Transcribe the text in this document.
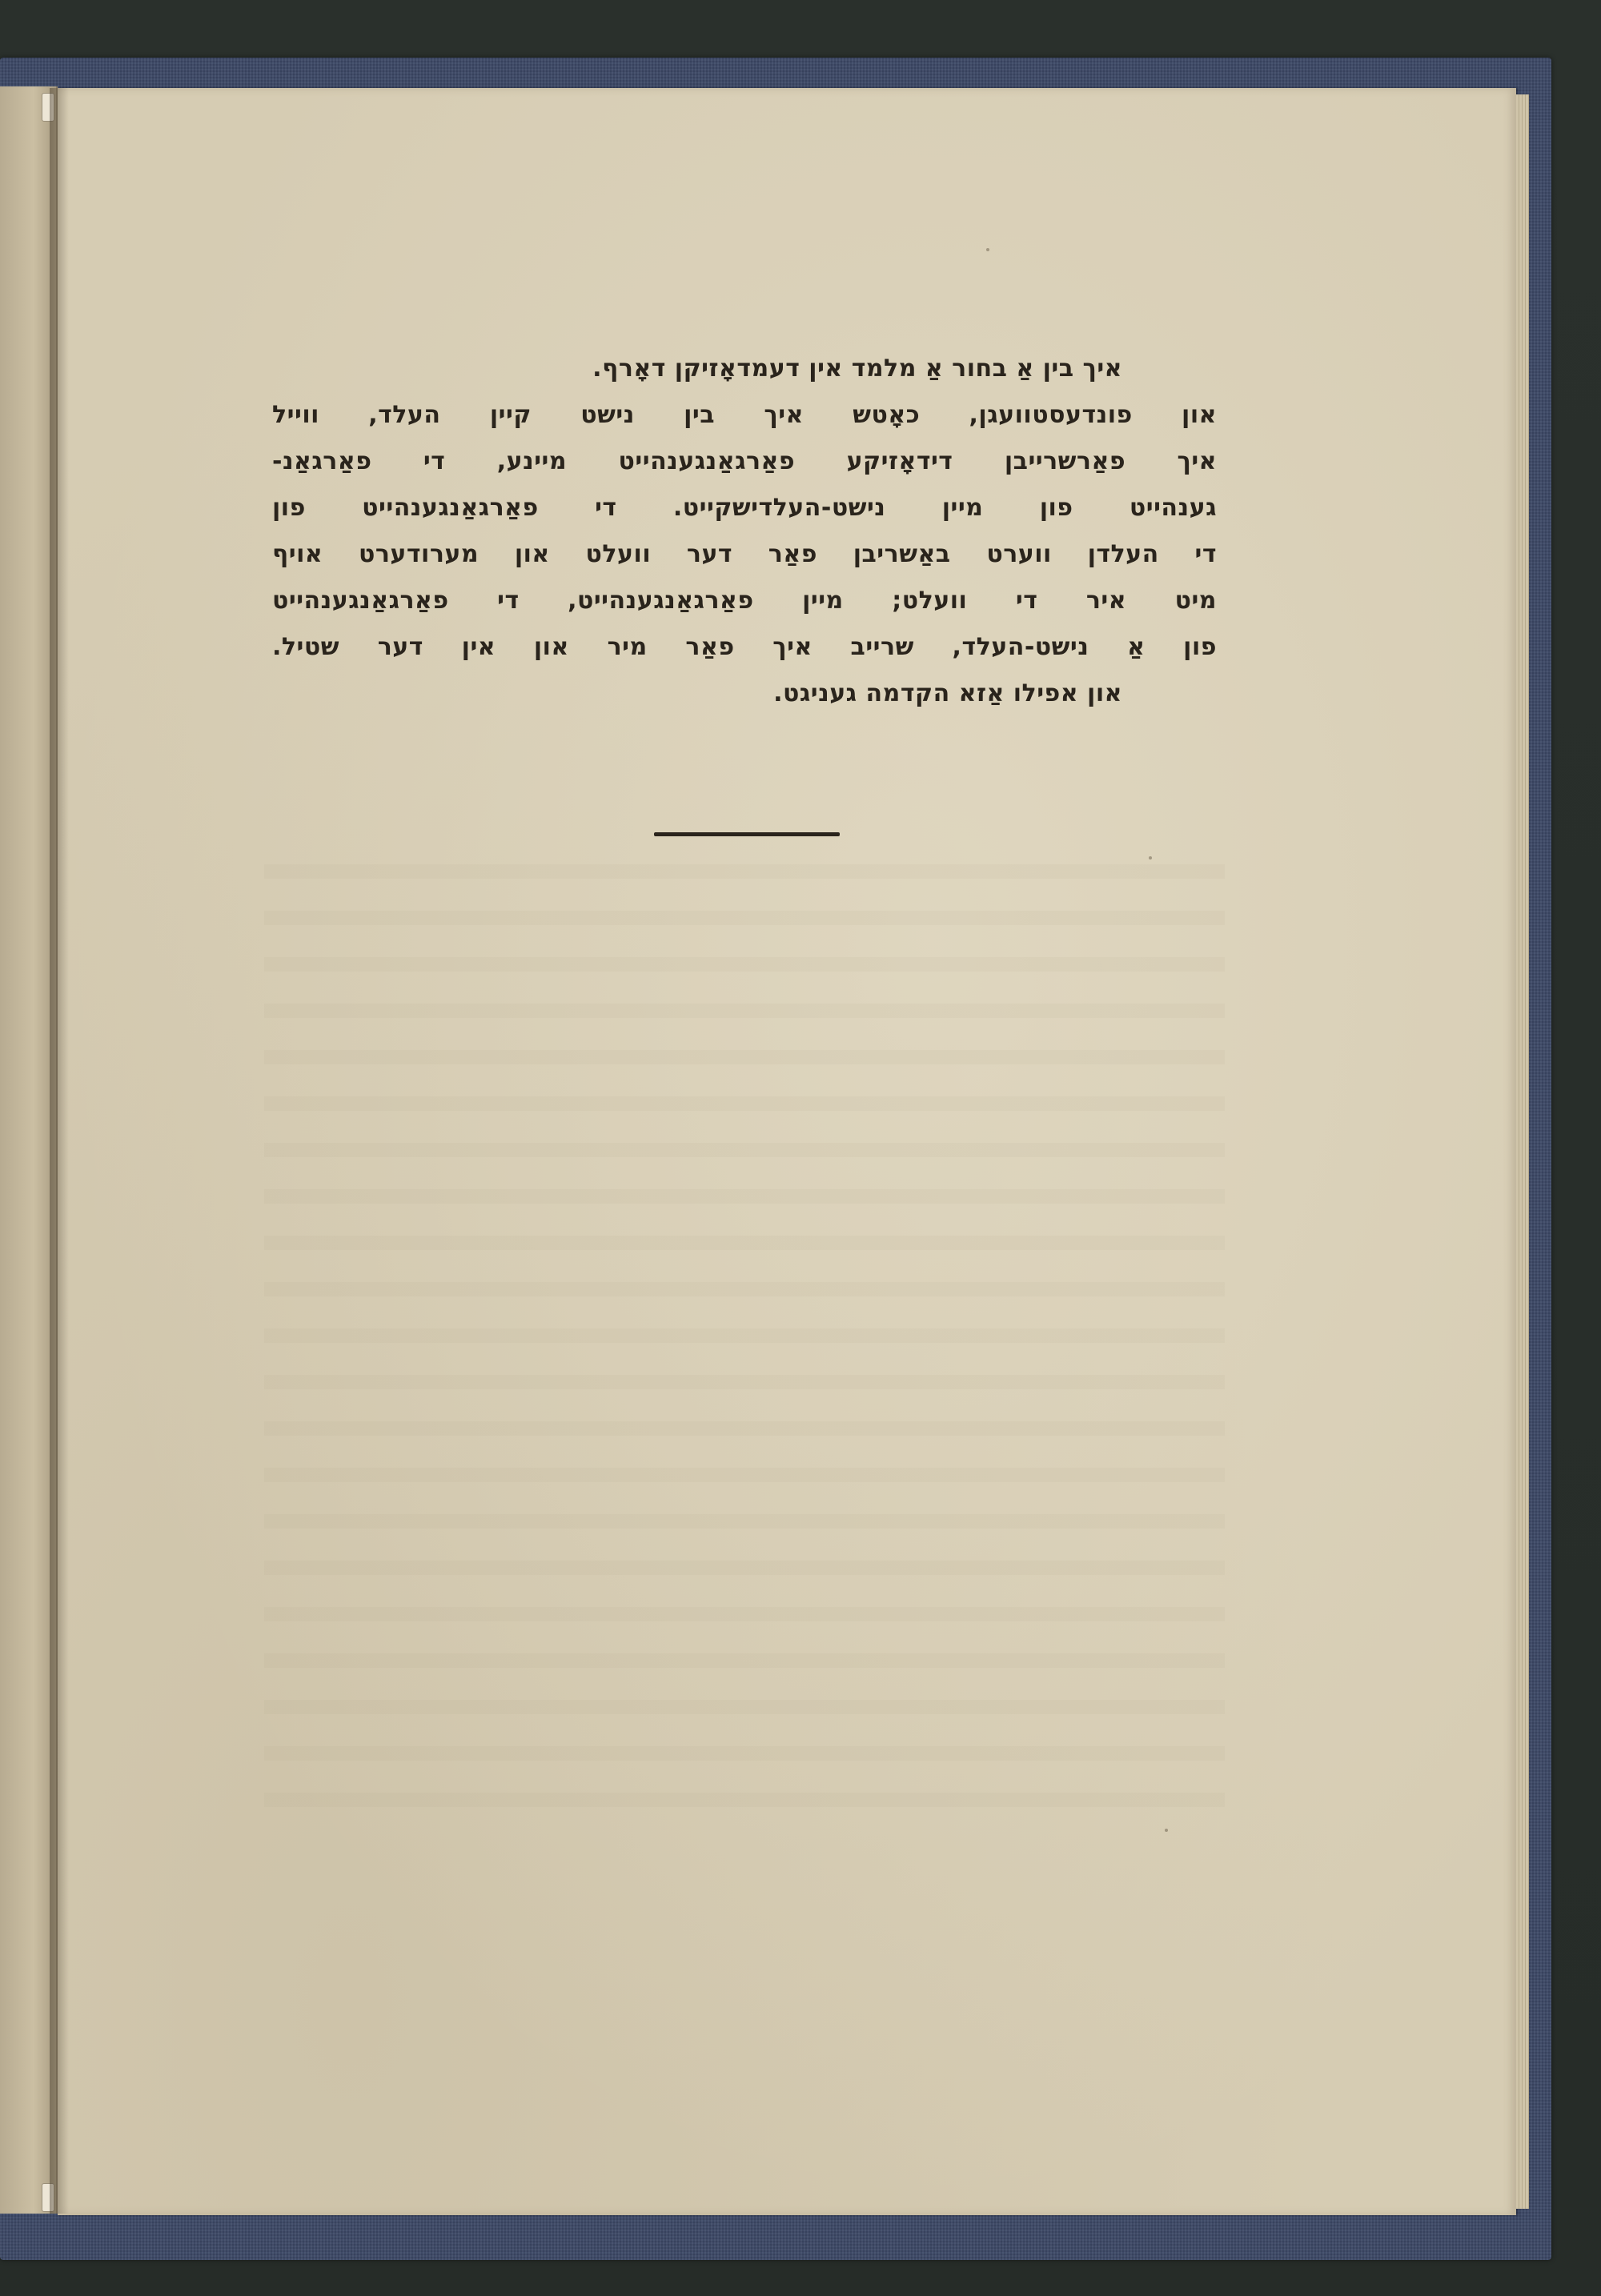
איך בין אַ בחור אַ מלמד אין דעמדאָזיקן דאָרף.
און פונדעסטוועגן, כאָטש איך בין נישט קיין העלד, ווייל
איך פאַרשרייבן דידאָזיקע פאַרגאַנגענהייט מיינע, די פאַרגאַנ-
גענהייט פון מיין נישט-העלדישקייט. די פאַרגאַנגענהייט פון
די העלדן ווערט באַשריבן פאַר דער וועלט און מערודערט אויף
מיט איר די וועלט; מיין פאַרגאַנגענהייט, די פאַרגאַנגענהייט
פון אַ נישט-העלד, שרייב איך פאַר מיר און אין דער שטיל.
און אפילו אַזא הקדמה געניגט.
